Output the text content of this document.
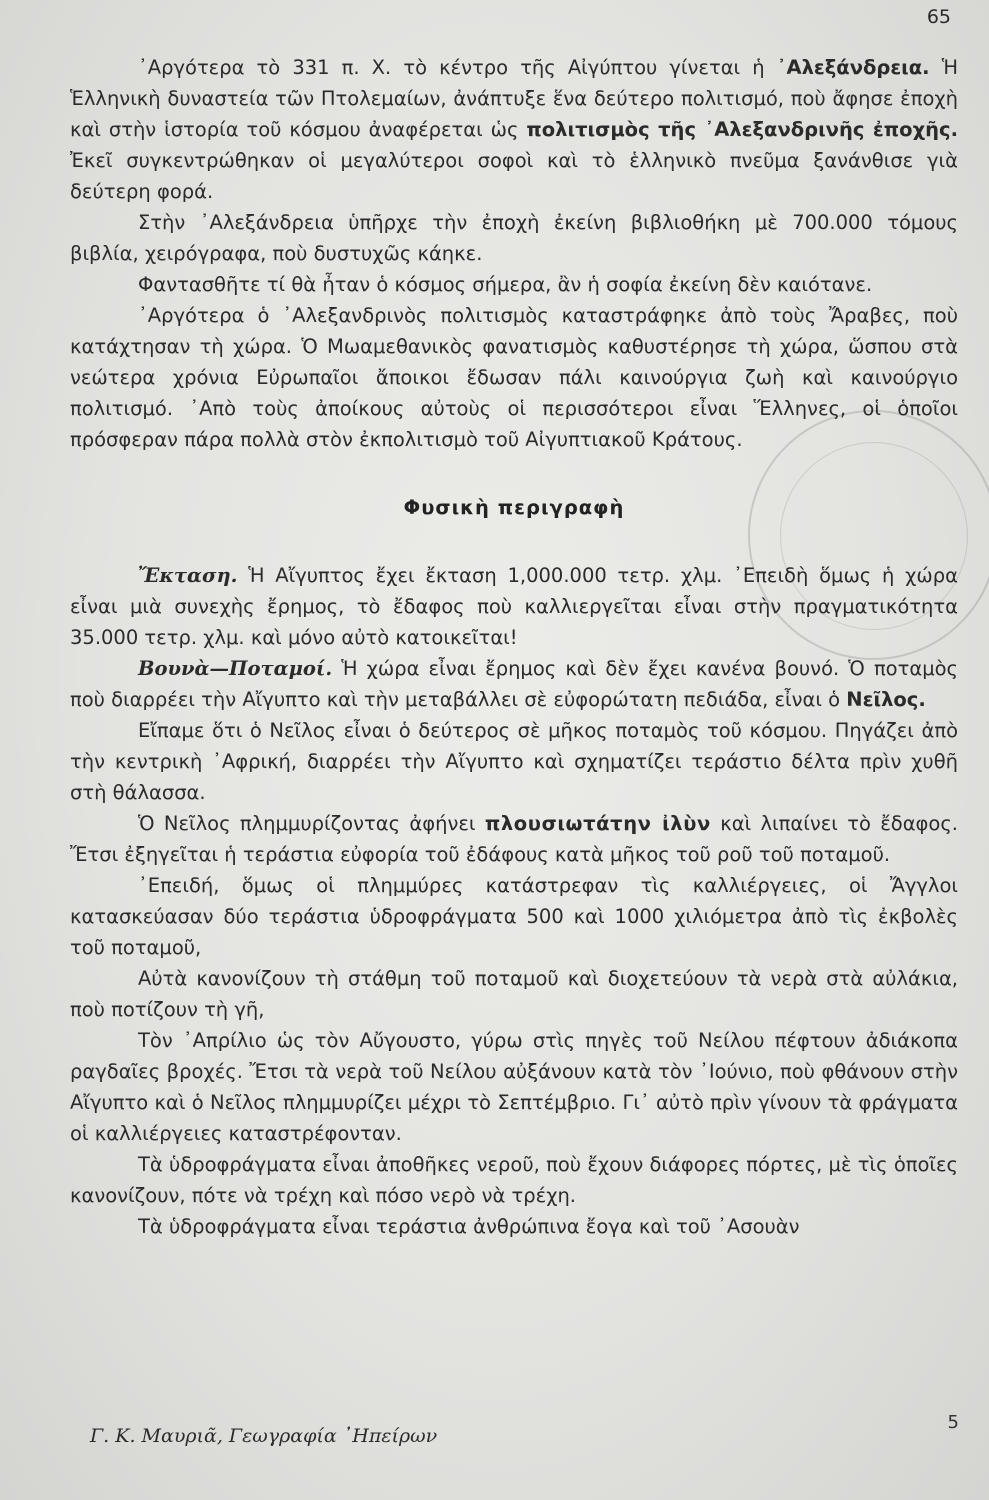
65

᾿Αργότερα τὸ 331 π. Χ. τὸ κέντρο τῆς Αἰγύπτου γίνεται ἡ ᾿Αλεξάνδρεια. Ἡ Ἑλληνικὴ δυναστεία τῶν Πτολεμαίων, ἀνάπτυξε ἕνα δεύτερο πολιτισμό, ποὺ ἄφησε ἐποχὴ καὶ στὴν ἱστορία τοῦ κόσμου ἀναφέρεται ὡς πολιτισμὸς τῆς ᾿Αλεξανδρινῆς ἐποχῆς. Ἐκεῖ συγκεντρώθηκαν οἱ μεγαλύτεροι σοφοὶ καὶ τὸ ἑλληνικὸ πνεῦμα ξανάνθισε γιὰ δεύτερη φορά.

Στὴν ᾿Αλεξάνδρεια ὑπῆρχε τὴν ἐποχὴ ἐκείνη βιβλιοθήκη μὲ 700.000 τόμους βιβλία, χειρόγραφα, ποὺ δυστυχῶς κάηκε.

Φαντασθῆτε τί θὰ ἦταν ὁ κόσμος σήμερα, ἂν ἡ σοφία ἐκείνη δὲν καιότανε.

᾿Αργότερα ὁ ᾿Αλεξανδρινὸς πολιτισμὸς καταστράφηκε ἀπὸ τοὺς Ἄραβες, ποὺ κατάχτησαν τὴ χώρα. Ὁ Μωαμεθανικὸς φανατισμὸς καθυστέρησε τὴ χώρα, ὥσπου στὰ νεώτερα χρόνια Εὐρωπαῖοι ἄποικοι ἔδωσαν πάλι καινούργια ζωὴ καὶ καινούργιο πολιτισμό. ᾿Απὸ τοὺς ἀποίκους αὐτοὺς οἱ περισσότεροι εἶναι Ἕλληνες, οἱ ὁποῖοι πρόσφεραν πάρα πολλὰ στὸν ἐκπολιτισμὸ τοῦ Αἰγυπτιακοῦ Κράτους.

Φυσικὴ περιγραφὴ

Ἔκταση. Ἡ Αἴγυπτος ἔχει ἔκταση 1,000.000 τετρ. χλμ. ᾿Επειδὴ ὅμως ἡ χώρα εἶναι μιὰ συνεχὴς ἔρημος, τὸ ἔδαφος ποὺ καλλιεργεῖται εἶναι στὴν πραγματικότητα 35.000 τετρ. χλμ. καὶ μόνο αὐτὸ κατοικεῖται!

Βουνὰ—Ποταμοί. Ἡ χώρα εἶναι ἔρημος καὶ δὲν ἔχει κανένα βουνό. Ὁ ποταμὸς ποὺ διαρρέει τὴν Αἴγυπτο καὶ τὴν μεταβάλλει σὲ εὐφορώτατη πεδιάδα, εἶναι ὁ Νεῖλος.

Εἴπαμε ὅτι ὁ Νεῖλος εἶναι ὁ δεύτερος σὲ μῆκος ποταμὸς τοῦ κόσμου. Πηγάζει ἀπὸ τὴν κεντρικὴ ᾿Αφρική, διαρρέει τὴν Αἴγυπτο καὶ σχηματίζει τεράστιο δέλτα πρὶν χυθῆ στὴ θάλασσα.

Ὁ Νεῖλος πλημμυρίζοντας ἀφήνει πλουσιωτάτην ἰλὺν καὶ λιπαίνει τὸ ἔδαφος. Ἔτσι ἐξηγεῖται ἡ τεράστια εὐφορία τοῦ ἐδάφους κατὰ μῆκος τοῦ ροῦ τοῦ ποταμοῦ.

᾿Επειδή, ὅμως οἱ πλημμύρες κατάστρεφαν τὶς καλλιέργειες, οἱ Ἄγγλοι κατασκεύασαν δύο τεράστια ὑδροφράγματα 500 καὶ 1000 χιλιόμετρα ἀπὸ τὶς ἐκβολὲς τοῦ ποταμοῦ,

Αὐτὰ κανονίζουν τὴ στάθμη τοῦ ποταμοῦ καὶ διοχετεύουν τὰ νερὰ στὰ αὐλάκια, ποὺ ποτίζουν τὴ γῆ,

Τὸν ᾿Απρίλιο ὡς τὸν Αὔγουστο, γύρω στὶς πηγὲς τοῦ Νείλου πέφτουν ἀδιάκοπα ραγδαῖες βροχές. Ἔτσι τὰ νερὰ τοῦ Νείλου αὐξάνουν κατὰ τὸν ᾿Ιούνιο, ποὺ φθάνουν στὴν Αἴγυπτο καὶ ὁ Νεῖλος πλημμυρίζει μέχρι τὸ Σεπτέμβριο. Γι᾿ αὐτὸ πρὶν γίνουν τὰ φράγματα οἱ καλλιέργειες καταστρέφονταν.

Τὰ ὑδροφράγματα εἶναι ἀποθῆκες νεροῦ, ποὺ ἔχουν διάφορες πόρτες, μὲ τὶς ὁποῖες κανονίζουν, πότε νὰ τρέχη καὶ πόσο νερὸ νὰ τρέχη.

Τὰ ὑδροφράγματα εἶναι τεράστια ἀνθρώπινα ἔογα καὶ τοῦ ᾿Ασουὰν

Γ. Κ. Μαυριᾶ, Γεωγραφία ᾿Ηπείρων
5
